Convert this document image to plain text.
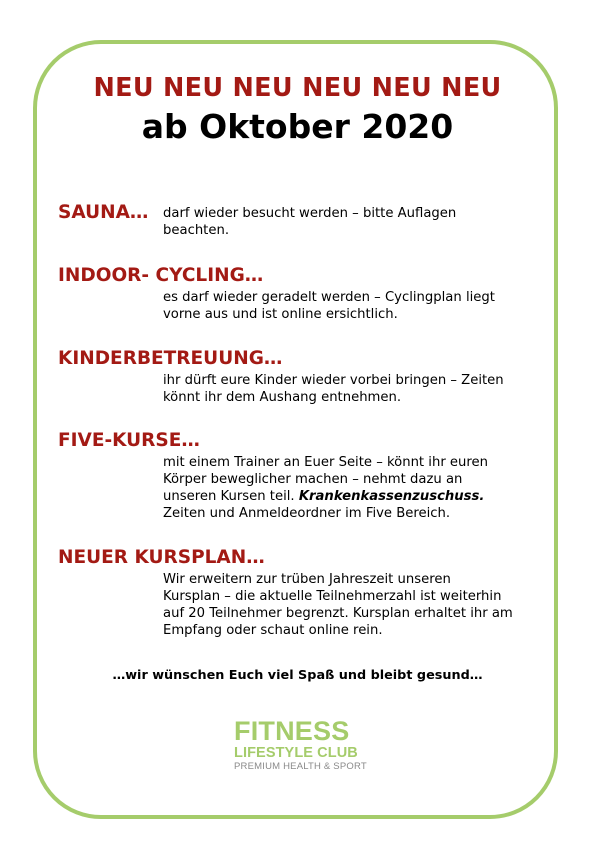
NEU NEU NEU NEU NEU NEU
ab Oktober 2020
SAUNA… darf wieder besucht werden – bitte Auflagen
beachten.
INDOOR- CYCLING…
es darf wieder geradelt werden – Cyclingplan liegt
vorne aus und ist online ersichtlich.
KINDERBETREUUNG…
ihr dürft eure Kinder wieder vorbei bringen – Zeiten
könnt ihr dem Aushang entnehmen.
FIVE-KURSE…
mit einem Trainer an Euer Seite – könnt ihr euren
Körper beweglicher machen – nehmt dazu an
unseren Kursen teil. Krankenkassenzuschuss.
Zeiten und Anmeldeordner im Five Bereich.
NEUER KURSPLAN…
Wir erweitern zur trüben Jahreszeit unseren
Kursplan – die aktuelle Teilnehmerzahl ist weiterhin
auf 20 Teilnehmer begrenzt. Kursplan erhaltet ihr am
Empfang oder schaut online rein.
…wir wünschen Euch viel Spaß und bleibt gesund…
FITNESS
LIFESTYLE CLUB
PREMIUM HEALTH & SPORT
